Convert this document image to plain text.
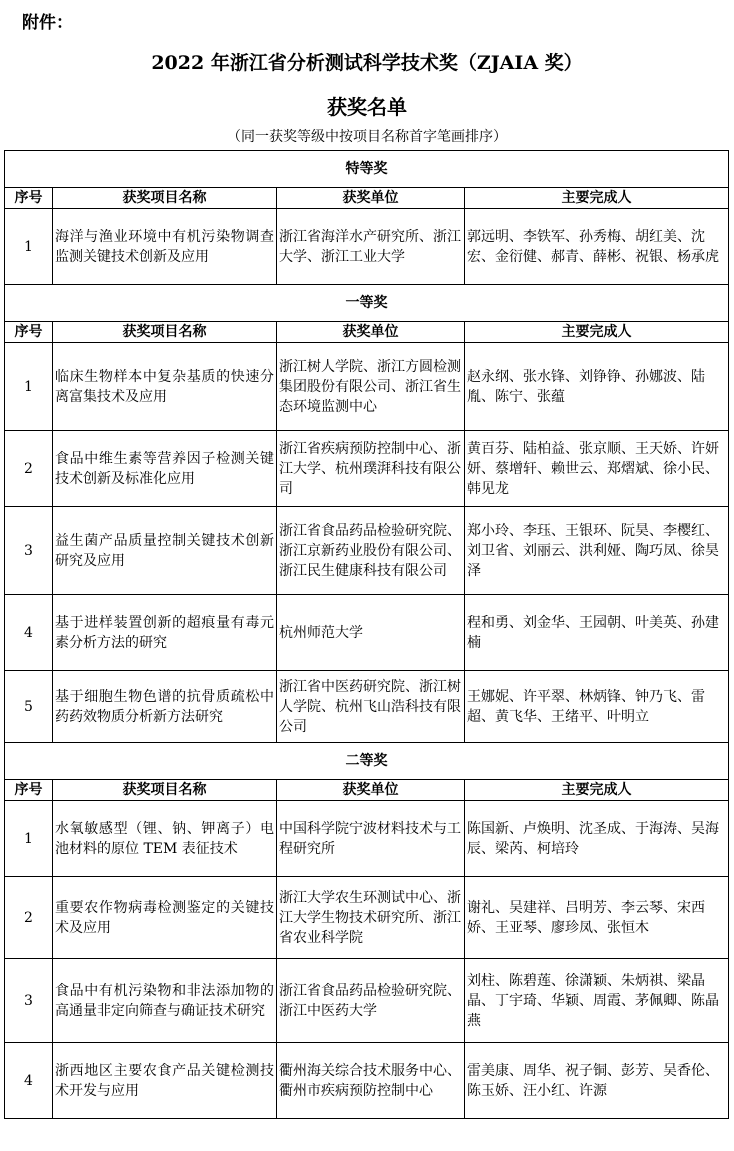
附件：
2022 年浙江省分析测试科学技术奖（ZJAIA 奖）
获奖名单
（同一获奖等级中按项目名称首字笔画排序）
特等奖			
序号	获奖项目名称	获奖单位	主要完成人
1	海洋与渔业环境中有机污染物调查监测关键技术创新及应用	浙江省海洋水产研究所、浙江大学、浙江工业大学	郭远明、李铁军、孙秀梅、胡红美、沈宏、金衍健、郝青、薛彬、祝银、杨承虎
一等奖			
序号	获奖项目名称	获奖单位	主要完成人
1	临床生物样本中复杂基质的快速分离富集技术及应用	浙江树人学院、浙江方圆检测集团股份有限公司、浙江省生态环境监测中心	赵永纲、张水锋、刘铮铮、孙娜波、陆胤、陈宁、张蕴
2	食品中维生素等营养因子检测关键技术创新及标准化应用	浙江省疾病预防控制中心、浙江大学、杭州璞湃科技有限公司	黄百芬、陆柏益、张京顺、王天娇、许妍妍、蔡增轩、赖世云、郑熠斌、徐小民、韩见龙
3	益生菌产品质量控制关键技术创新研究及应用	浙江省食品药品检验研究院、浙江京新药业股份有限公司、浙江民生健康科技有限公司	郑小玲、李珏、王银环、阮昊、李樱红、刘卫省、刘丽云、洪利娅、陶巧凤、徐昊泽
4	基于进样装置创新的超痕量有毒元素分析方法的研究	杭州师范大学	程和勇、刘金华、王园朝、叶美英、孙建楠
5	基于细胞生物色谱的抗骨质疏松中药药效物质分析新方法研究	浙江省中医药研究院、浙江树人学院、杭州飞山浩科技有限公司	王娜妮、许平翠、林炳锋、钟乃飞、雷超、黄飞华、王绪平、叶明立
二等奖			
序号	获奖项目名称	获奖单位	主要完成人
1	水氧敏感型（锂、钠、钾离子）电池材料的原位 TEM 表征技术	中国科学院宁波材料技术与工程研究所	陈国新、卢焕明、沈圣成、于海涛、吴海辰、梁芮、柯培玲
2	重要农作物病毒检测鉴定的关键技术及应用	浙江大学农生环测试中心、浙江大学生物技术研究所、浙江省农业科学院	谢礼、吴建祥、吕明芳、李云琴、宋西娇、王亚琴、廖珍凤、张恒木
3	食品中有机污染物和非法添加物的高通量非定向筛查与确证技术研究	浙江省食品药品检验研究院、浙江中医药大学	刘柱、陈碧莲、徐潇颖、朱炳祺、梁晶晶、丁宇琦、华颖、周霞、茅佩卿、陈晶燕
4	浙西地区主要农食产品关键检测技术开发与应用	衢州海关综合技术服务中心、衢州市疾病预防控制中心	雷美康、周华、祝子铜、彭芳、吴香伦、陈玉娇、汪小红、许源
